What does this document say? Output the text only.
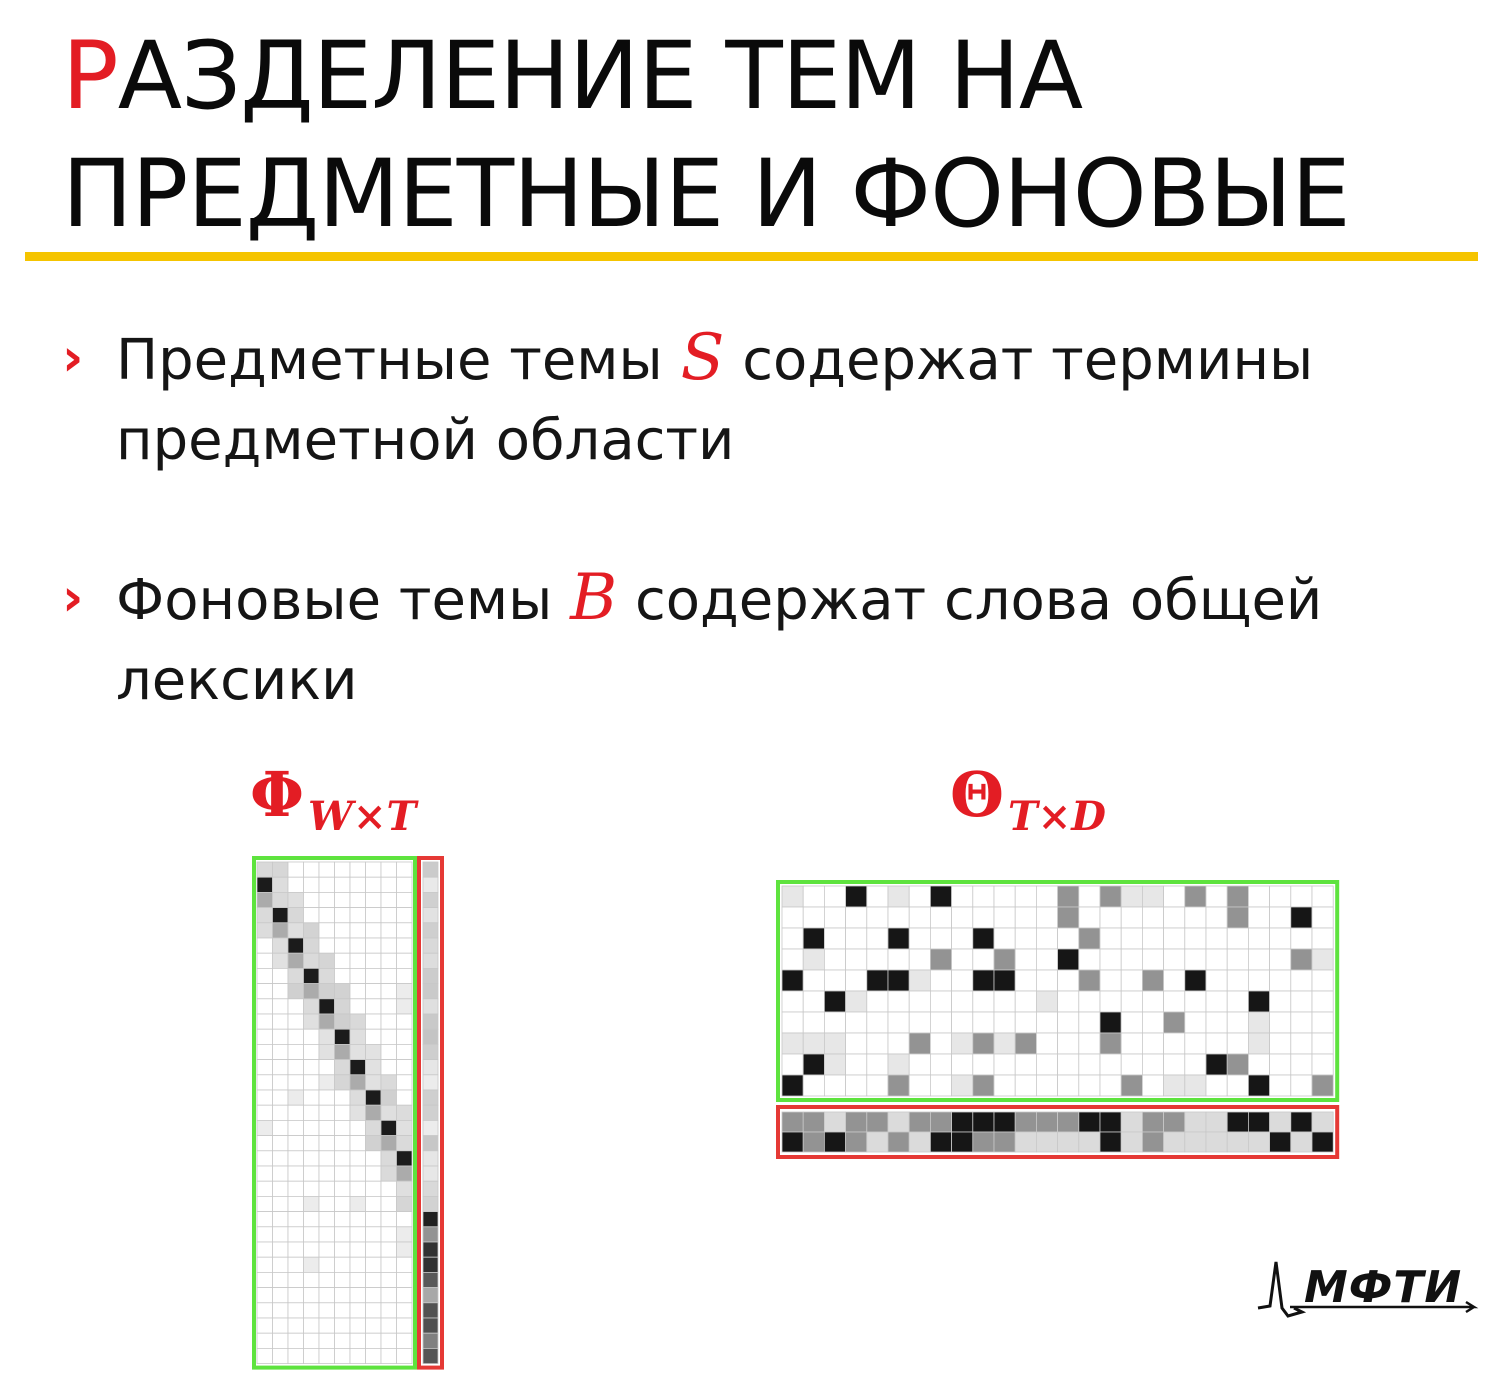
РАЗДЕЛЕНИЕ ТЕМ НА
ПРЕДМЕТНЫЕ И ФОНОВЫЕ
› Предметные темы S содержат термины предметной области
› Фоновые темы B содержат слова общей лексики
Φ $_{W\times T}$	Θ $_{T\times D}$
МФТИ
